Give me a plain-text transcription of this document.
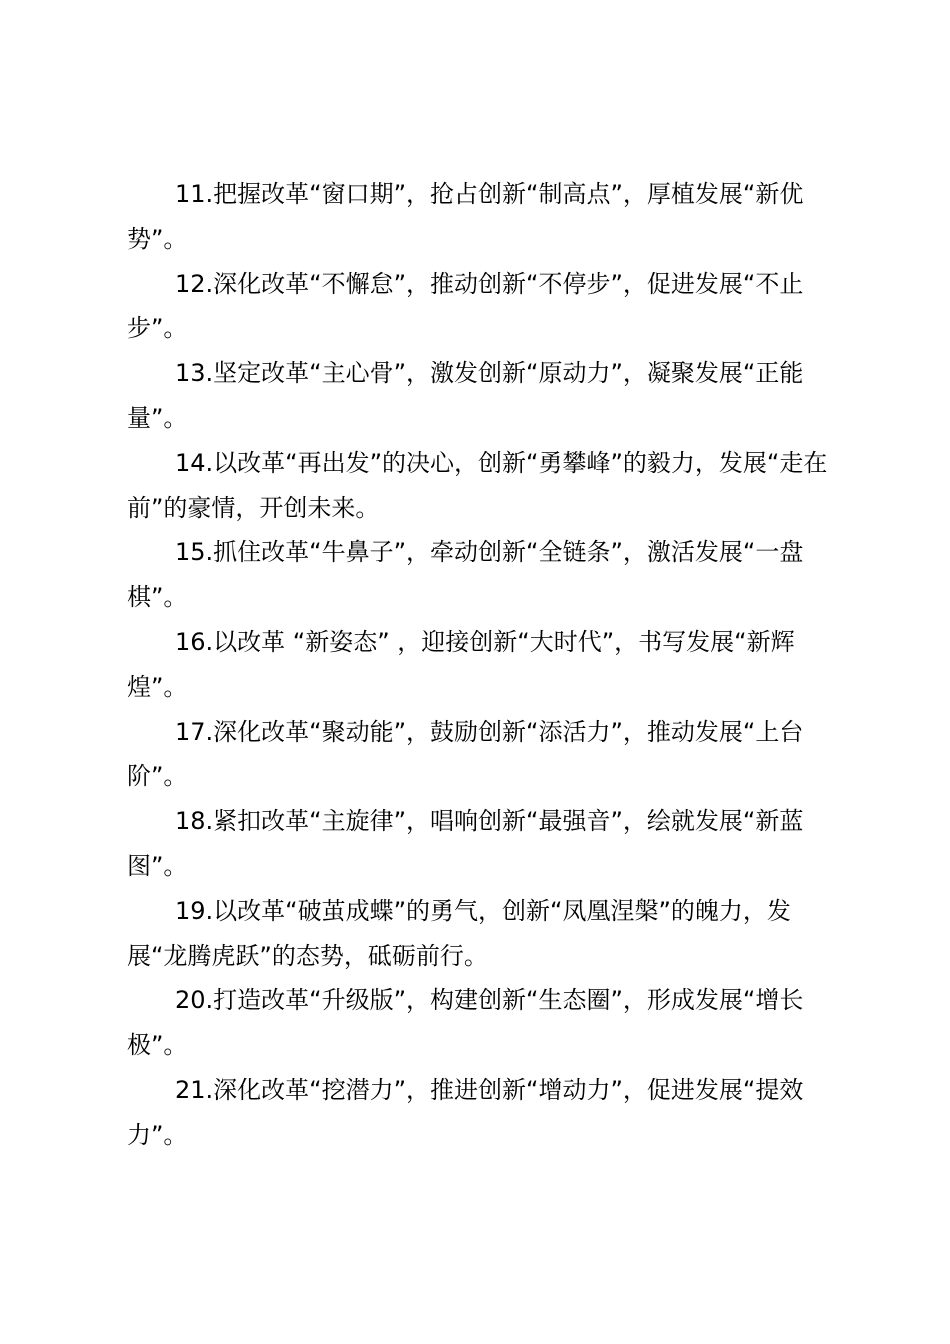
11.把握改革“窗口期”，抢占创新“制高点”，厚植发展“新优势”。

12.深化改革“不懈怠”，推动创新“不停步”，促进发展“不止步”。

13.坚定改革“主心骨”，激发创新“原动力”，凝聚发展“正能量”。

14.以改革“再出发”的决心，创新“勇攀峰”的毅力，发展“走在前”的豪情，开创未来。

15.抓住改革“牛鼻子”，牵动创新“全链条”，激活发展“一盘棋”。

16.以改革 “新姿态” ，迎接创新“大时代”，书写发展“新辉煌”。

17.深化改革“聚动能”，鼓励创新“添活力”，推动发展“上台阶”。

18.紧扣改革“主旋律”，唱响创新“最强音”，绘就发展“新蓝图”。

19.以改革“破茧成蝶”的勇气，创新“凤凰涅槃”的魄力，发展“龙腾虎跃”的态势，砥砺前行。

20.打造改革“升级版”，构建创新“生态圈”，形成发展“增长极”。

21.深化改革“挖潜力”，推进创新“增动力”，促进发展“提效力”。
